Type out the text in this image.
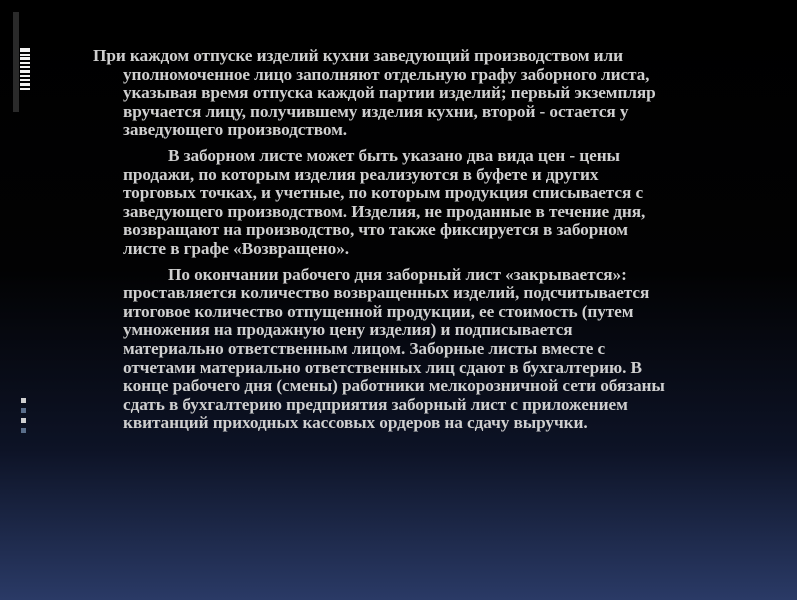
При каждом отпуске изделий кухни заведующий производством или
уполномоченное лицо заполняют отдельную графу заборного листа,
указывая время отпуска каждой партии изделий; первый экземпляр
вручается лицу, получившему изделия кухни, второй - остается у
заведующего производством.

В заборном листе может быть указано два вида цен - цены
продажи, по которым изделия реализуются в буфете и других
торговых точках, и учетные, по которым продукция списывается с
заведующего производством. Изделия, не проданные в течение дня,
возвращают на производство, что также фиксируется в заборном
листе в графе «Возвращено».

По окончании рабочего дня заборный лист «закрывается»:
проставляется количество возвращенных изделий, подсчитывается
итоговое количество отпущенной продукции, ее стоимость (путем
умножения на продажную цену изделия) и подписывается
материально ответственным лицом. Заборные листы вместе с
отчетами материально ответственных лиц сдают в бухгалтерию. В
конце рабочего дня (смены) работники мелкорозничной сети обязаны
сдать в бухгалтерию предприятия заборный лист с приложением
квитанций приходных кассовых ордеров на сдачу выручки.
